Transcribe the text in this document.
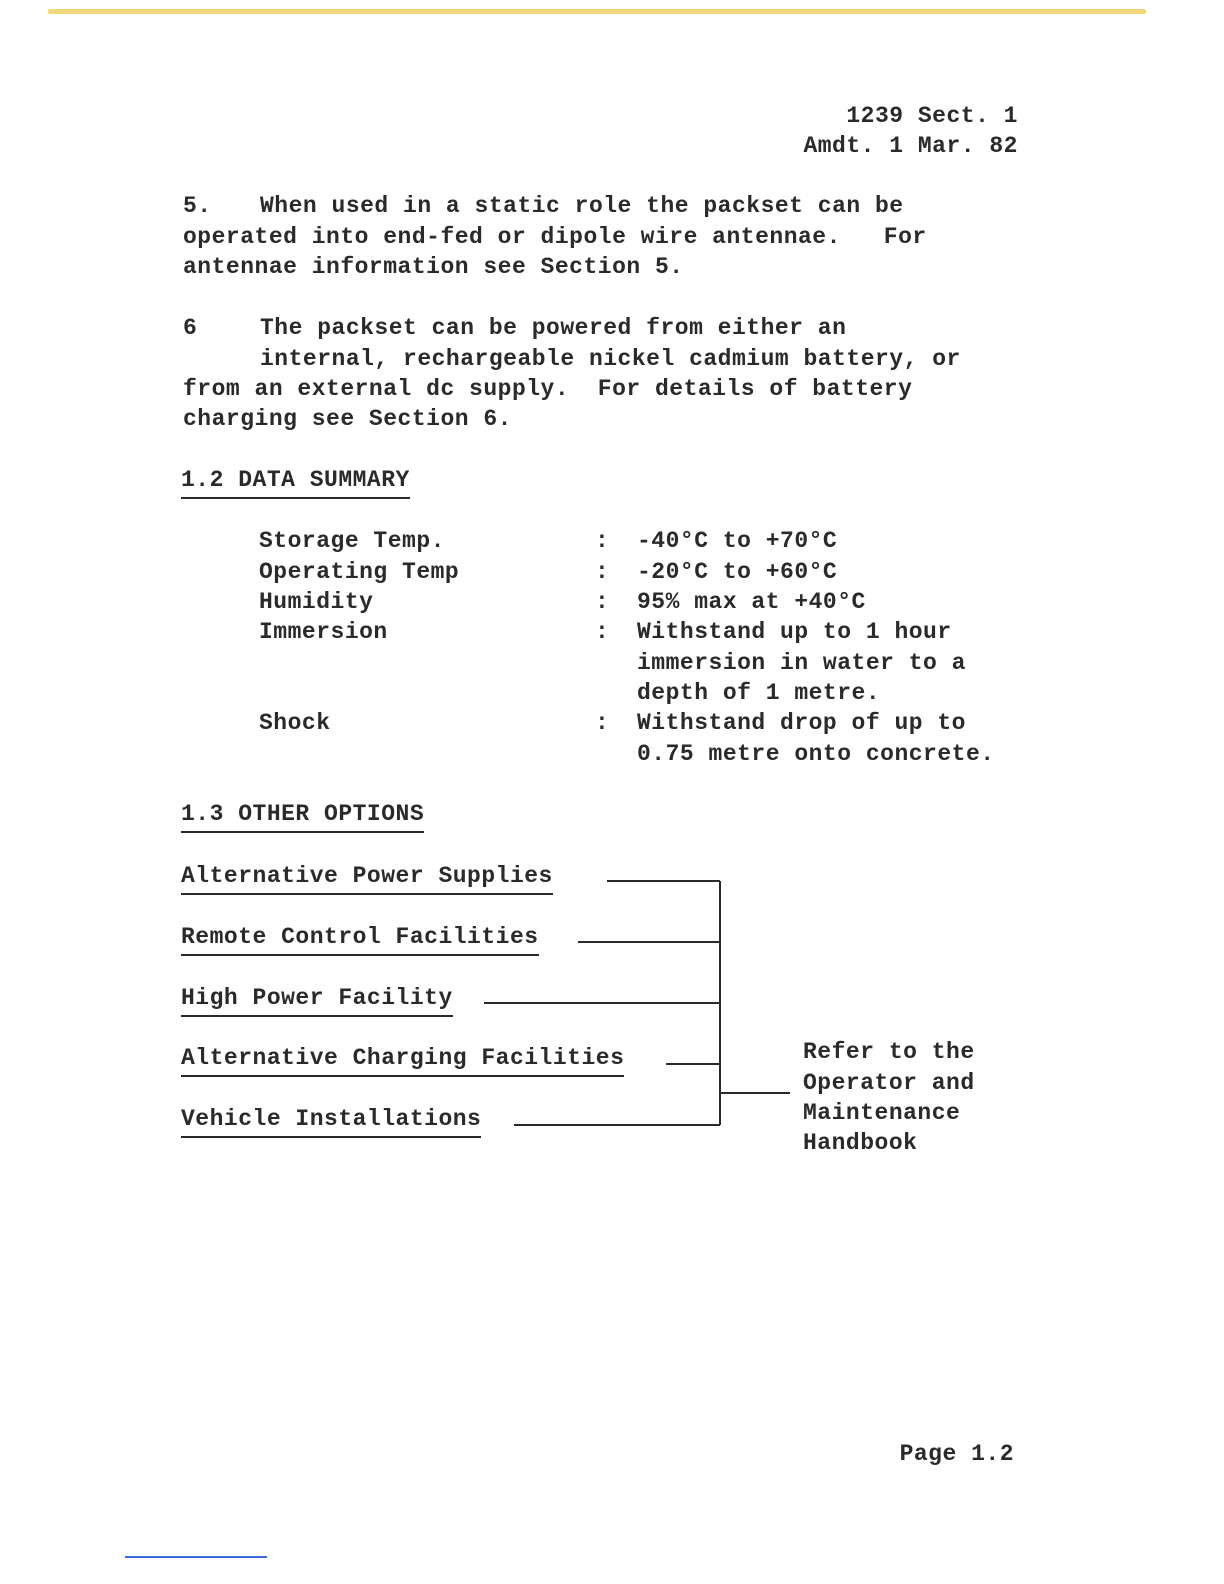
1239 Sect. 1
Amdt. 1 Mar. 82
5. When used in a static role the packset can be
operated into end-fed or dipole wire antennae.   For
antennae information see Section 5.
6	The packset can be powered from either an
internal, rechargeable nickel cadmium battery, or
from an external dc supply.  For details of battery
charging see Section 6.
1.2 DATA SUMMARY
Storage Temp.	: -40°C to +70°C
Operating Temp	: -20°C to +60°C
Humidity	: 95% max at +40°C
Immersion	: Withstand up to 1 hour
immersion in water to a
depth of 1 metre.
Shock	: Withstand drop of up to
0.75 metre onto concrete.
1.3 OTHER OPTIONS
Alternative Power Supplies
Remote Control Facilities
High Power Facility
Alternative Charging Facilities
Vehicle Installations
Refer to the
Operator and
Maintenance
Handbook
Page 1.2
